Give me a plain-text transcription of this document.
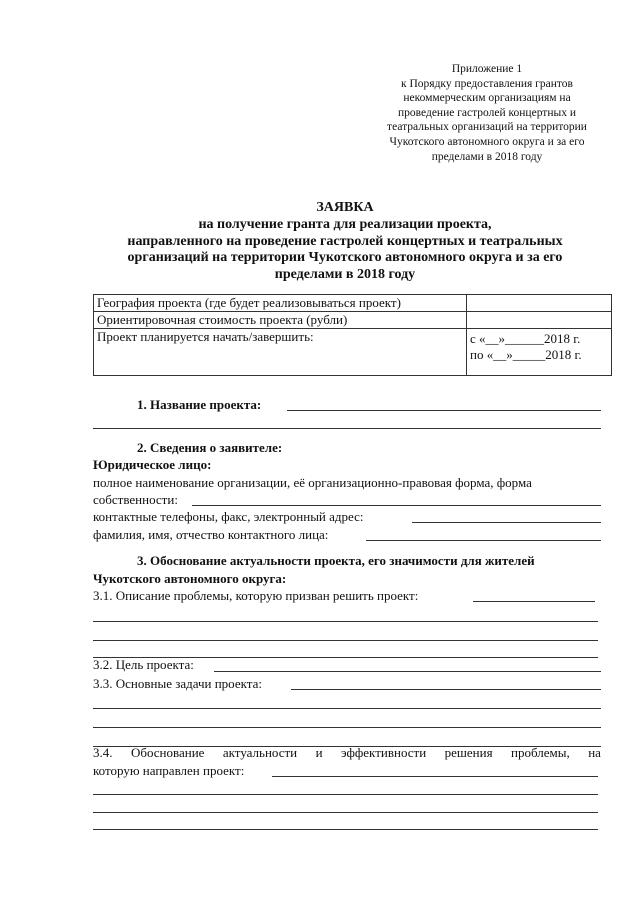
Приложение 1
к Порядку предоставления грантов
некоммерческим организациям на
проведение гастролей концертных и
театральных организаций на территории
Чукотского автономного округа и за его
пределами в 2018 году
ЗАЯВКА
на получение гранта для реализации проекта,
направленного на проведение гастролей концертных и театральных
организаций на территории Чукотского автономного округа и за его
пределами в 2018 году
География проекта (где будет реализовываться проект)	
Ориентировочная стоимость проекта (рубли)	
Проект планируется начать/завершить:	с «__»______2018 г.
по «__»_____2018 г.
1. Название проекта:
2. Сведения о заявителе:
Юридическое лицо:
полное наименование организации, её организационно-правовая форма, форма
собственности:
контактные телефоны, факс, электронный адрес:
фамилия, имя, отчество контактного лица:
3. Обоснование актуальности проекта, его значимости для жителей
Чукотского автономного округа:
3.1. Описание проблемы, которую призван решить проект:
3.2. Цель проекта:
3.3. Основные задачи проекта:
3.4. Обоснование актуальности и эффективности решения проблемы, на
которую направлен проект:
